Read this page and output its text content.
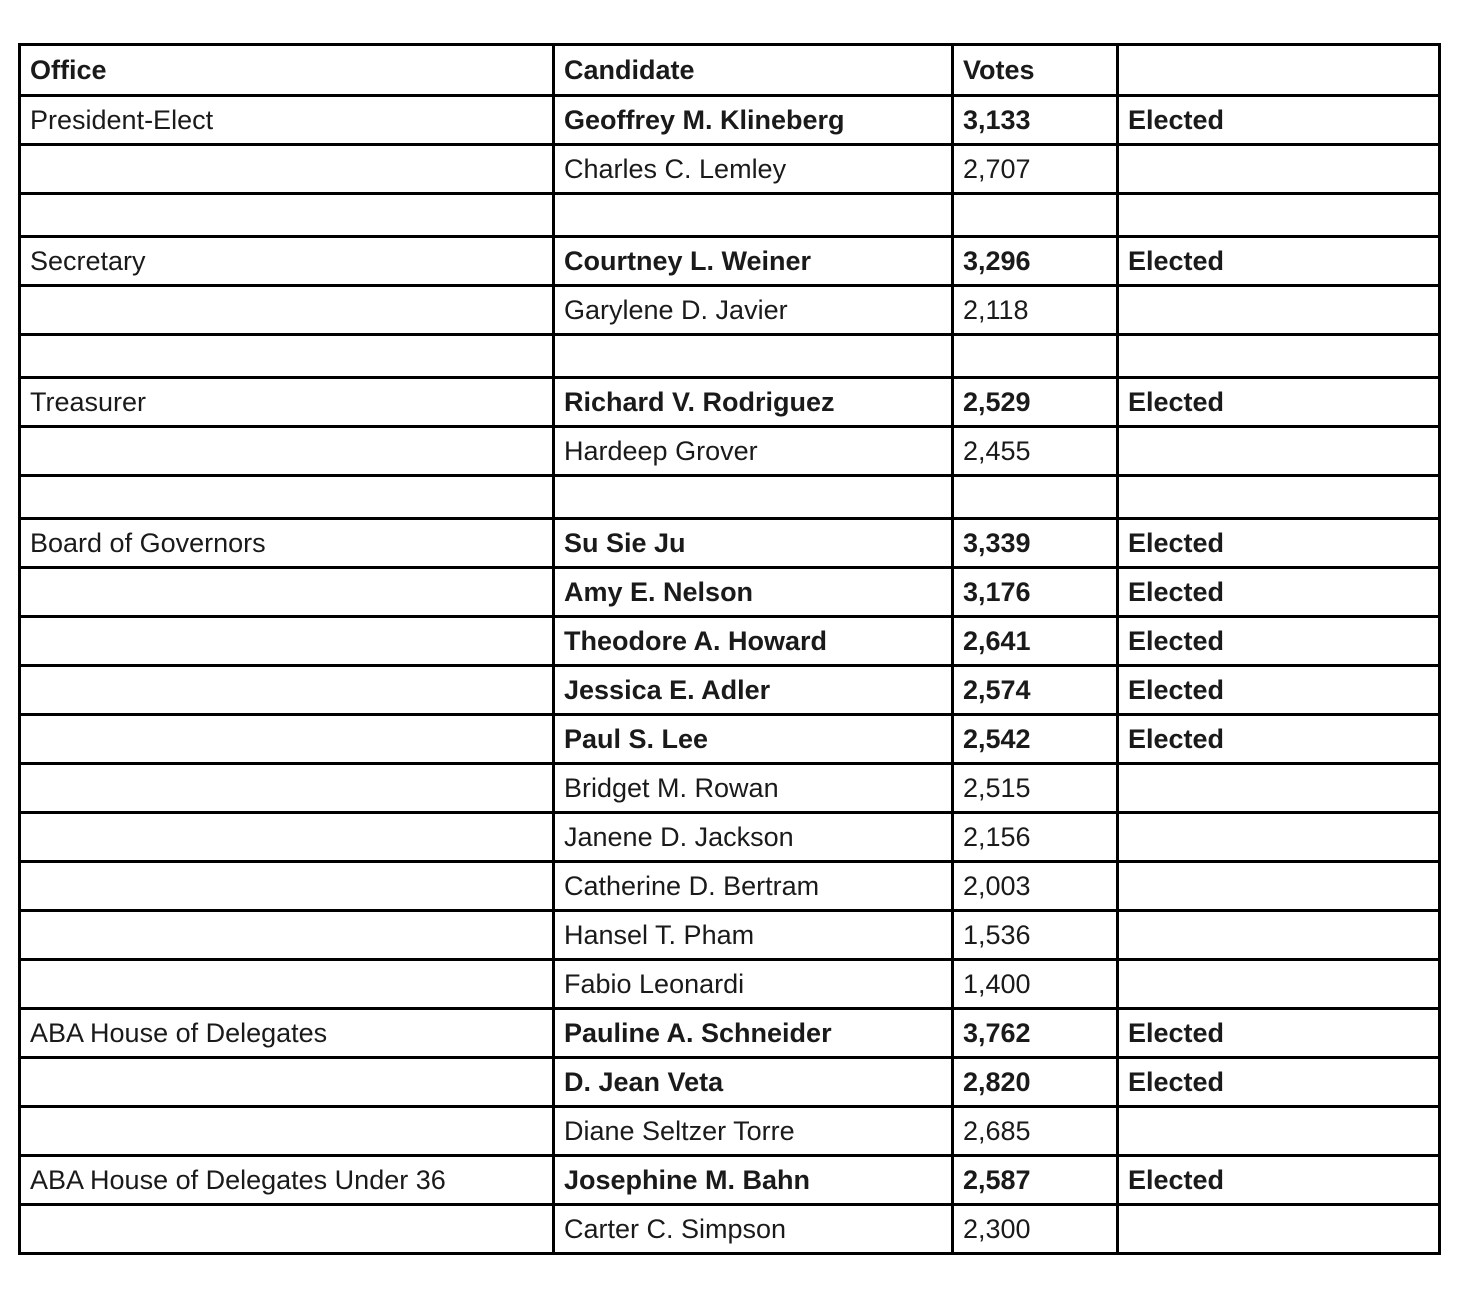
Office	Candidate	Votes	
President-Elect	Geoffrey M. Klineberg	3,133	Elected
	Charles C. Lemley	2,707	

Secretary	Courtney L. Weiner	3,296	Elected
	Garylene D. Javier	2,118	

Treasurer	Richard V. Rodriguez	2,529	Elected
	Hardeep Grover	2,455	

Board of Governors	Su Sie Ju	3,339	Elected
	Amy E. Nelson	3,176	Elected
	Theodore A. Howard	2,641	Elected
	Jessica E. Adler	2,574	Elected
	Paul S. Lee	2,542	Elected
	Bridget M. Rowan	2,515	
	Janene D. Jackson	2,156	
	Catherine D. Bertram	2,003	
	Hansel T. Pham	1,536	
	Fabio Leonardi	1,400	
ABA House of Delegates	Pauline A. Schneider	3,762	Elected
	D. Jean Veta	2,820	Elected
	Diane Seltzer Torre	2,685	
ABA House of Delegates Under 36	Josephine M. Bahn	2,587	Elected
	Carter C. Simpson	2,300	
